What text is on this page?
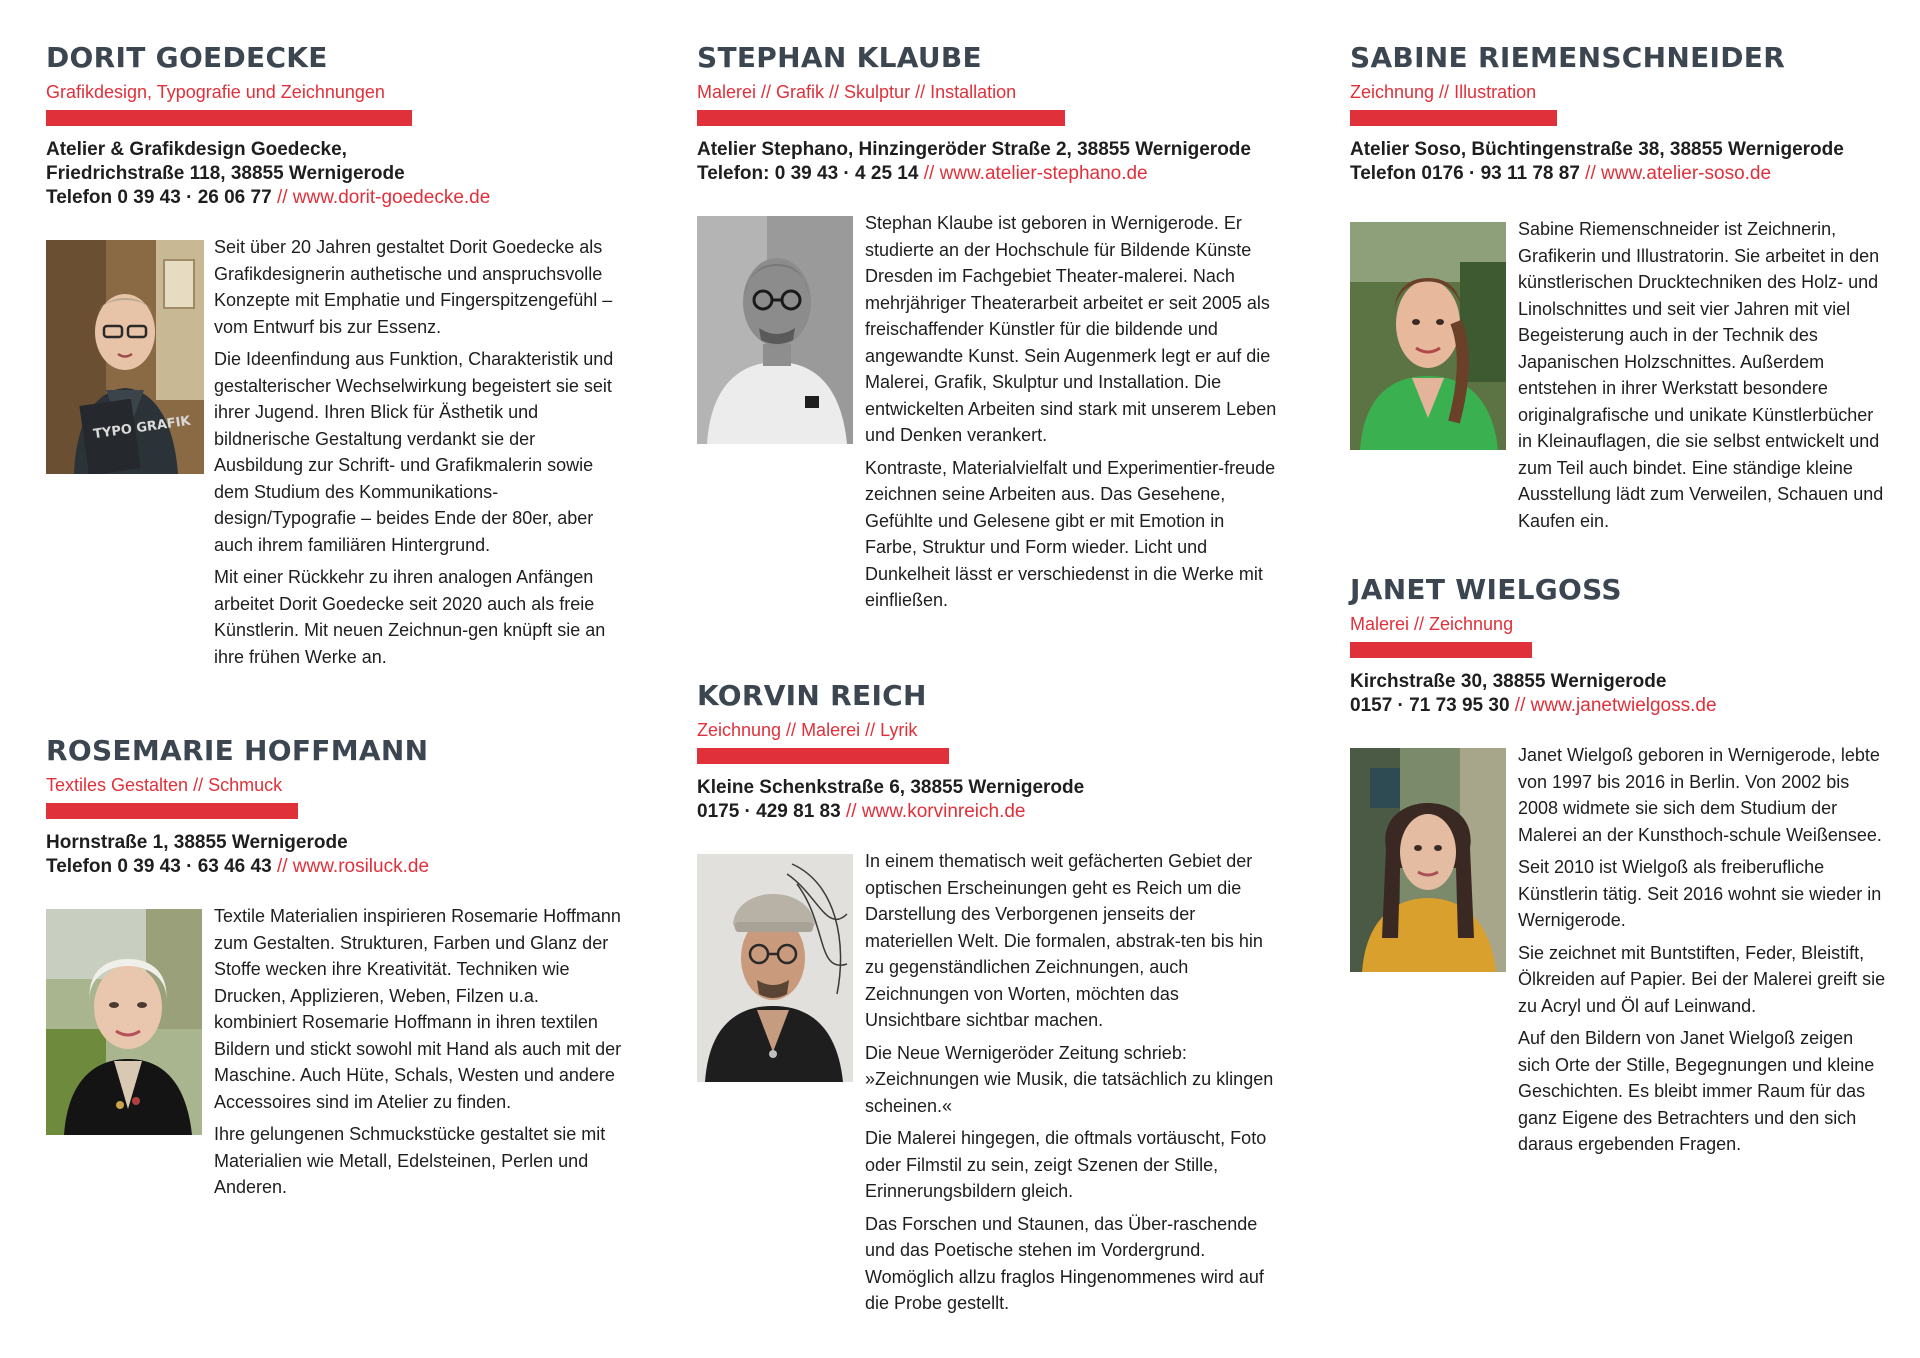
DORIT GOEDECKE
Grafikdesign, Typografie und Zeichnungen
Atelier & Grafikdesign Goedecke,
Friedrichstraße 118, 38855 Wernigerode
Telefon 0 39 43 · 26 06 77 // www.dorit-goedecke.de
TYPO GRAFIK

Seit über 20 Jahren gestaltet Dorit Goedecke als Grafikdesignerin authetische und anspruchsvolle Konzepte mit Emphatie und Fingerspitzengefühl – vom Entwurf bis zur Essenz.

Die Ideenfindung aus Funktion, Charakteristik und gestalterischer Wechselwirkung begeistert sie seit ihrer Jugend. Ihren Blick für Ästhetik und bildnerische Gestaltung verdankt sie der Ausbildung zur Schrift- und Grafikmalerin sowie dem Studium des Kommunikations-design/Typografie – beides Ende der 80er, aber auch ihrem familiären Hintergrund.

Mit einer Rückkehr zu ihren analogen Anfängen arbeitet Dorit Goedecke seit 2020 auch als freie Künstlerin. Mit neuen Zeichnun-gen knüpft sie an ihre frühen Werke an.

ROSEMARIE HOFFMANN
Textiles Gestalten // Schmuck
Hornstraße 1, 38855 Wernigerode
Telefon 0 39 43 · 63 46 43 // www.rosiluck.de

Textile Materialien inspirieren Rosemarie Hoffmann zum Gestalten. Strukturen, Farben und Glanz der Stoffe wecken ihre Kreativität. Techniken wie Drucken, Applizieren, Weben, Filzen u.a. kombiniert Rosemarie Hoffmann in ihren textilen Bildern und stickt sowohl mit Hand als auch mit der Maschine. Auch Hüte, Schals, Westen und andere Accessoires sind im Atelier zu finden.

Ihre gelungenen Schmuckstücke gestaltet sie mit Materialien wie Metall, Edelsteinen, Perlen und Anderen.

STEPHAN KLAUBE
Malerei // Grafik // Skulptur // Installation
Atelier Stephano, Hinzingeröder Straße 2, 38855 Wernigerode
Telefon: 0 39 43 · 4 25 14 // www.atelier-stephano.de

Stephan Klaube ist geboren in Wernigerode. Er studierte an der Hochschule für Bildende Künste Dresden im Fachgebiet Theater-malerei. Nach mehrjähriger Theaterarbeit arbeitet er seit 2005 als freischaffender Künstler für die bildende und angewandte Kunst. Sein Augenmerk legt er auf die Malerei, Grafik, Skulptur und Installation. Die entwickelten Arbeiten sind stark mit unserem Leben und Denken verankert.

Kontraste, Materialvielfalt und Experimentier-freude zeichnen seine Arbeiten aus. Das Gesehene, Gefühlte und Gelesene gibt er mit Emotion in Farbe, Struktur und Form wieder. Licht und Dunkelheit lässt er verschiedenst in die Werke mit einfließen.

KORVIN REICH
Zeichnung // Malerei // Lyrik
Kleine Schenkstraße 6, 38855 Wernigerode
0175 · 429 81 83 // www.korvinreich.de

In einem thematisch weit gefächerten Gebiet der optischen Erscheinungen geht es Reich um die Darstellung des Verborgenen jenseits der materiellen Welt. Die formalen, abstrak-ten bis hin zu gegenständlichen Zeichnungen, auch Zeichnungen von Worten, möchten das Unsichtbare sichtbar machen.

Die Neue Wernigeröder Zeitung schrieb: »Zeichnungen wie Musik, die tatsächlich zu klingen scheinen.«

Die Malerei hingegen, die oftmals vortäuscht, Foto oder Filmstil zu sein, zeigt Szenen der Stille, Erinnerungsbildern gleich.

Das Forschen und Staunen, das Über-raschende und das Poetische stehen im Vordergrund. Womöglich allzu fraglos Hingenommenes wird auf die Probe gestellt.

SABINE RIEMENSCHNEIDER
Zeichnung // Illustration
Atelier Soso, Büchtingenstraße 38, 38855 Wernigerode
Telefon 0176 · 93 11 78 87 // www.atelier-soso.de

Sabine Riemenschneider ist Zeichnerin, Grafikerin und Illustratorin. Sie arbeitet in den künstlerischen Drucktechniken des Holz- und Linolschnittes und seit vier Jahren mit viel Begeisterung auch in der Technik des Japanischen Holzschnittes. Außerdem entstehen in ihrer Werkstatt besondere originalgrafische und unikate Künstlerbücher in Kleinauflagen, die sie selbst entwickelt und zum Teil auch bindet. Eine ständige kleine Ausstellung lädt zum Verweilen, Schauen und Kaufen ein.

JANET WIELGOSS
Malerei // Zeichnung
Kirchstraße 30, 38855 Wernigerode
0157 · 71 73 95 30 // www.janetwielgoss.de

Janet Wielgoß geboren in Wernigerode, lebte von 1997 bis 2016 in Berlin. Von 2002 bis 2008 widmete sie sich dem Studium der Malerei an der Kunsthoch-schule Weißensee.

Seit 2010 ist Wielgoß als freiberufliche Künstlerin tätig. Seit 2016 wohnt sie wieder in Wernigerode.

Sie zeichnet mit Buntstiften, Feder, Bleistift, Ölkreiden auf Papier. Bei der Malerei greift sie zu Acryl und Öl auf Leinwand.

Auf den Bildern von Janet Wielgoß zeigen sich Orte der Stille, Begegnungen und kleine Geschichten. Es bleibt immer Raum für das ganz Eigene des Betrachters und den sich daraus ergebenden Fragen.
